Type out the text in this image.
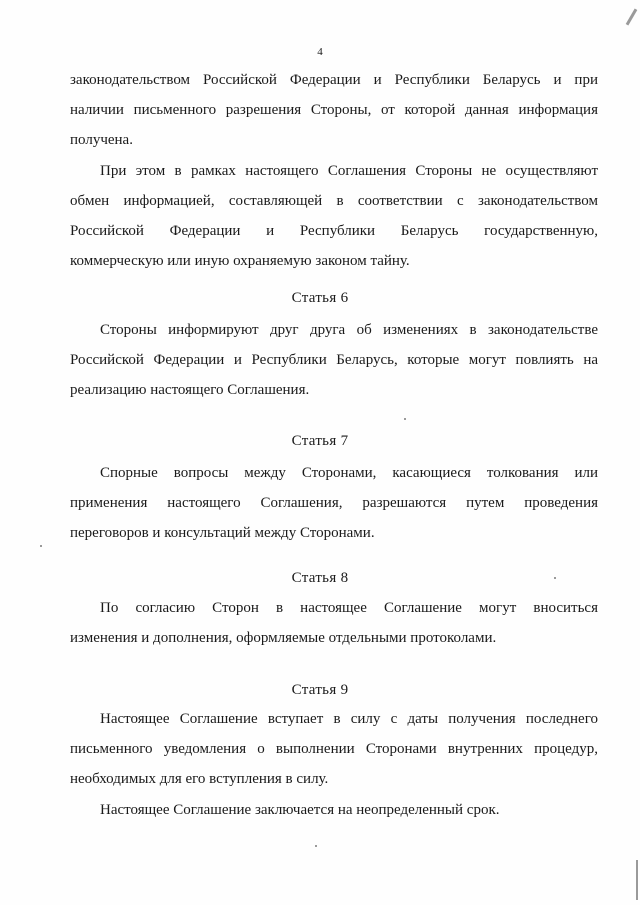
4
законодательством Российской Федерации и Республики Беларусь и при
наличии письменного разрешения Стороны, от которой данная информация
получена.
При этом в рамках настоящего Соглашения Стороны не осуществляют
обмен информацией, составляющей в соответствии с законодательством
Российской Федерации и Республики Беларусь государственную,
коммерческую или иную охраняемую законом тайну.
Статья 6
Стороны информируют друг друга об изменениях в законодательстве
Российской Федерации и Республики Беларусь, которые могут повлиять на
реализацию настоящего Соглашения.
Статья 7
Спорные вопросы между Сторонами, касающиеся толкования или
применения настоящего Соглашения, разрешаются путем проведения
переговоров и консультаций между Сторонами.
Статья 8
По согласию Сторон в настоящее Соглашение могут вноситься
изменения и дополнения, оформляемые отдельными протоколами.
Статья 9
Настоящее Соглашение вступает в силу с даты получения последнего
письменного уведомления о выполнении Сторонами внутренних процедур,
необходимых для его вступления в силу.
Настоящее Соглашение заключается на неопределенный срок.
